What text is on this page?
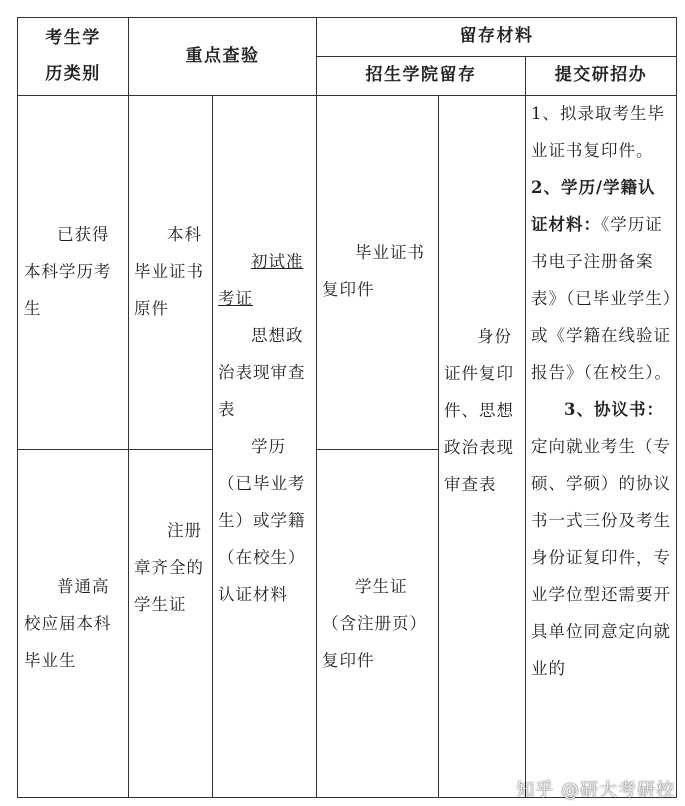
考生学
历类别
重点查验
留存材料
招生学院留存	提交研招办
已获得本科学历考生
普通高校应届本科毕业生
本科毕业证书原件
注册章齐全的学生证
初试准考证
思想政治表现审查表
学历（已毕业考生）或学籍（在校生）认证材料
毕业证书复印件
学生证（含注册页）复印件
身份证件复印件、思想政治表现审查表
1、拟录取考生毕业证书复印件。
2、学历/学籍认证材料：《学历证书电子注册备案表》（已毕业学生）或《学籍在线验证报告》（在校生）。
3、协议书：定向就业考生（专硕、学硕）的协议书一式三份及考生身份证复印件，专业学位型还需要开具单位同意定向就业的
知乎 @研大考研校
